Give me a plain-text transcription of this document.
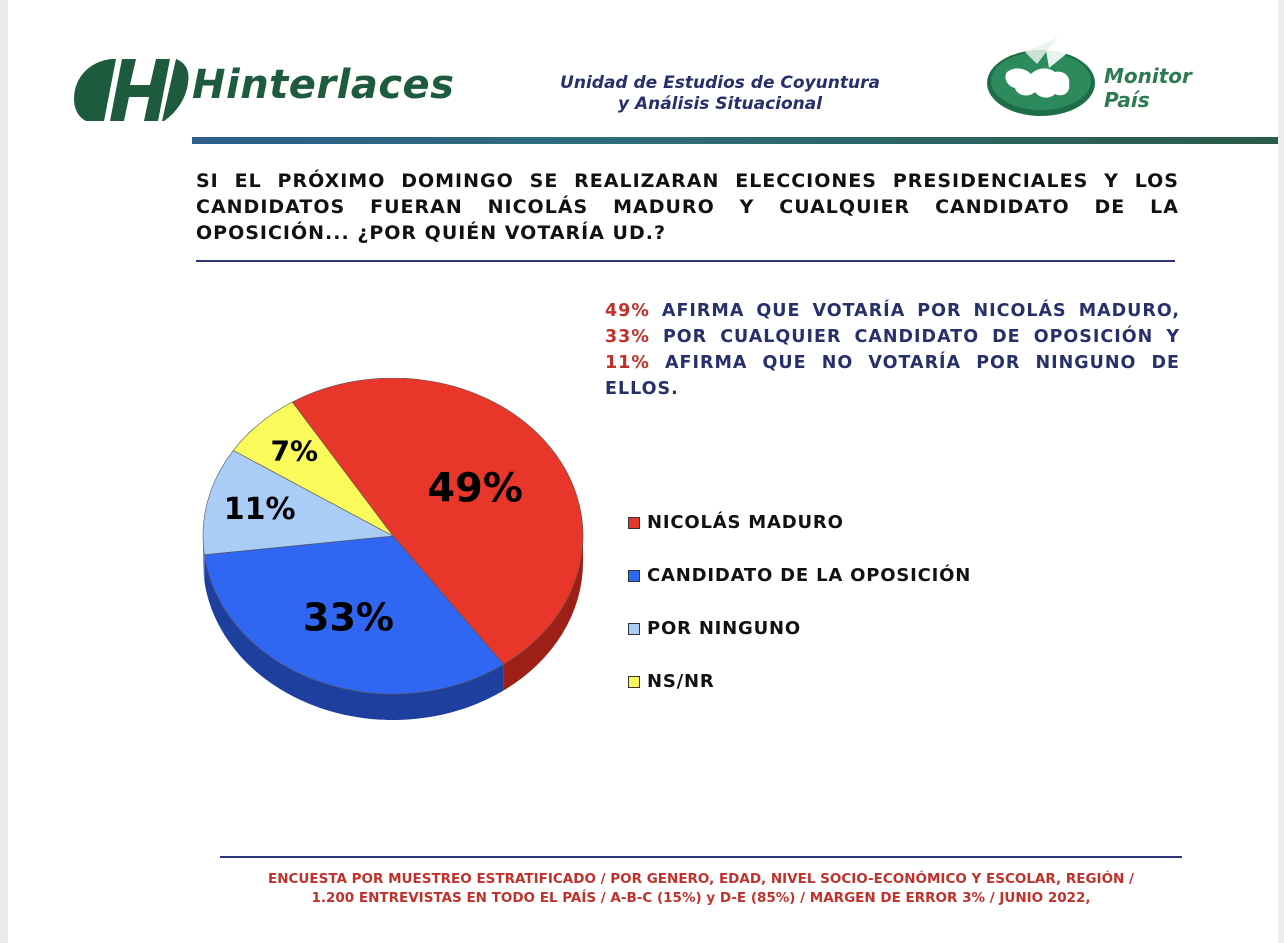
Hinterlaces	Unidad de Estudios de Coyuntura
y Análisis Situacional
Monitor
País
SI EL PRÓXIMO DOMINGO SE REALIZARAN ELECCIONES PRESIDENCIALES Y LOS CANDIDATOS FUERAN NICOLÁS MADURO Y CUALQUIER CANDIDATO DE LA OPOSICIÓN... ¿POR QUIÉN VOTARÍA UD.?
49% AFIRMA QUE VOTARÍA POR NICOLÁS MADURO, 33% POR CUALQUIER CANDIDATO DE OPOSICIÓN Y 11% AFIRMA QUE NO VOTARÍA POR NINGUNO DE ELLOS.
49%
33%
11%
7%
NICOLÁS MADURO
CANDIDATO DE LA OPOSICIÓN
POR NINGUNO
NS/NR
ENCUESTA POR MUESTREO ESTRATIFICADO / POR GENERO, EDAD, NIVEL SOCIO-ECONÓMICO Y ESCOLAR, REGIÓN /
1.200 ENTREVISTAS EN TODO EL PAÍS / A-B-C (15%) y D-E (85%) / MARGEN DE ERROR 3% / JUNIO 2022,
